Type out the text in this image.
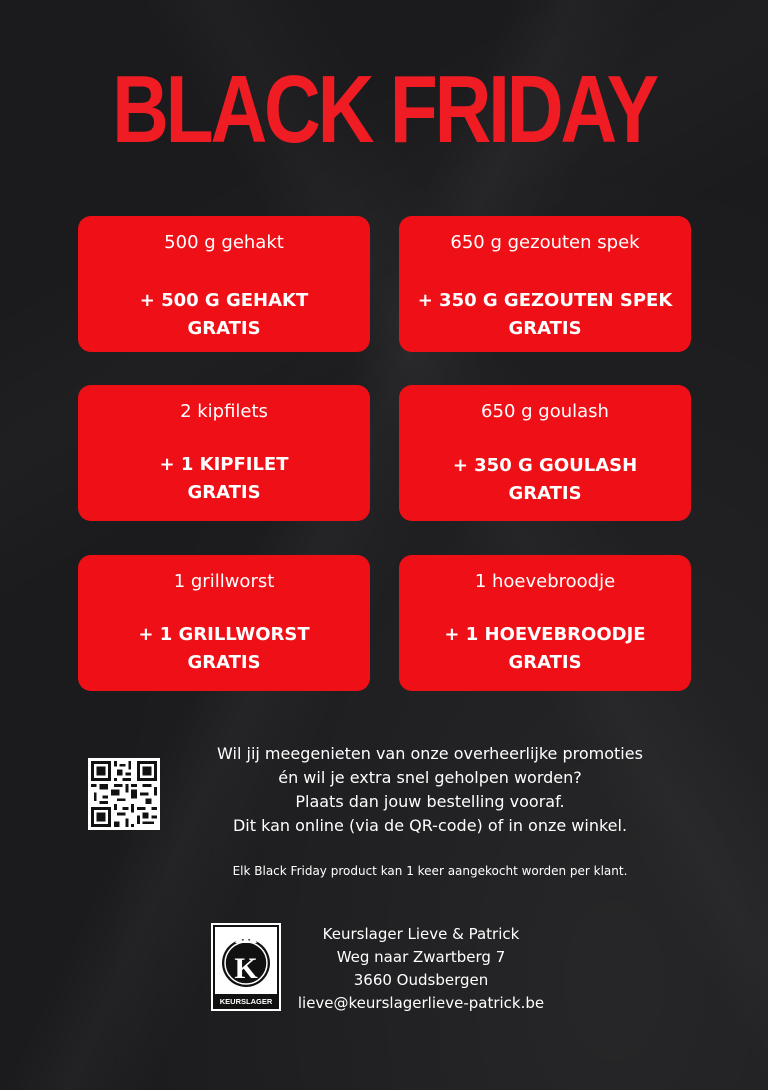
BLACK FRIDAY
500 g gehakt
+ 500 G GEHAKT
GRATIS
650 g gezouten spek
+ 350 G GEZOUTEN SPEK
GRATIS
2 kipfilets
+ 1 KIPFILET
GRATIS
650 g goulash
+ 350 G GOULASH
GRATIS
1 grillworst
+ 1 GRILLWORST
GRATIS
1 hoevebroodje
+ 1 HOEVEBROODJE
GRATIS
Wil jij meegenieten van onze overheerlijke promoties
én wil je extra snel geholpen worden?
Plaats dan jouw bestelling vooraf.
Dit kan online (via de QR-code) of in onze winkel.
Elk Black Friday product kan 1 keer aangekocht worden per klant.
K
KEURSLAGER
Keurslager Lieve & Patrick
Weg naar Zwartberg 7
3660 Oudsbergen
lieve@keurslagerlieve-patrick.be
